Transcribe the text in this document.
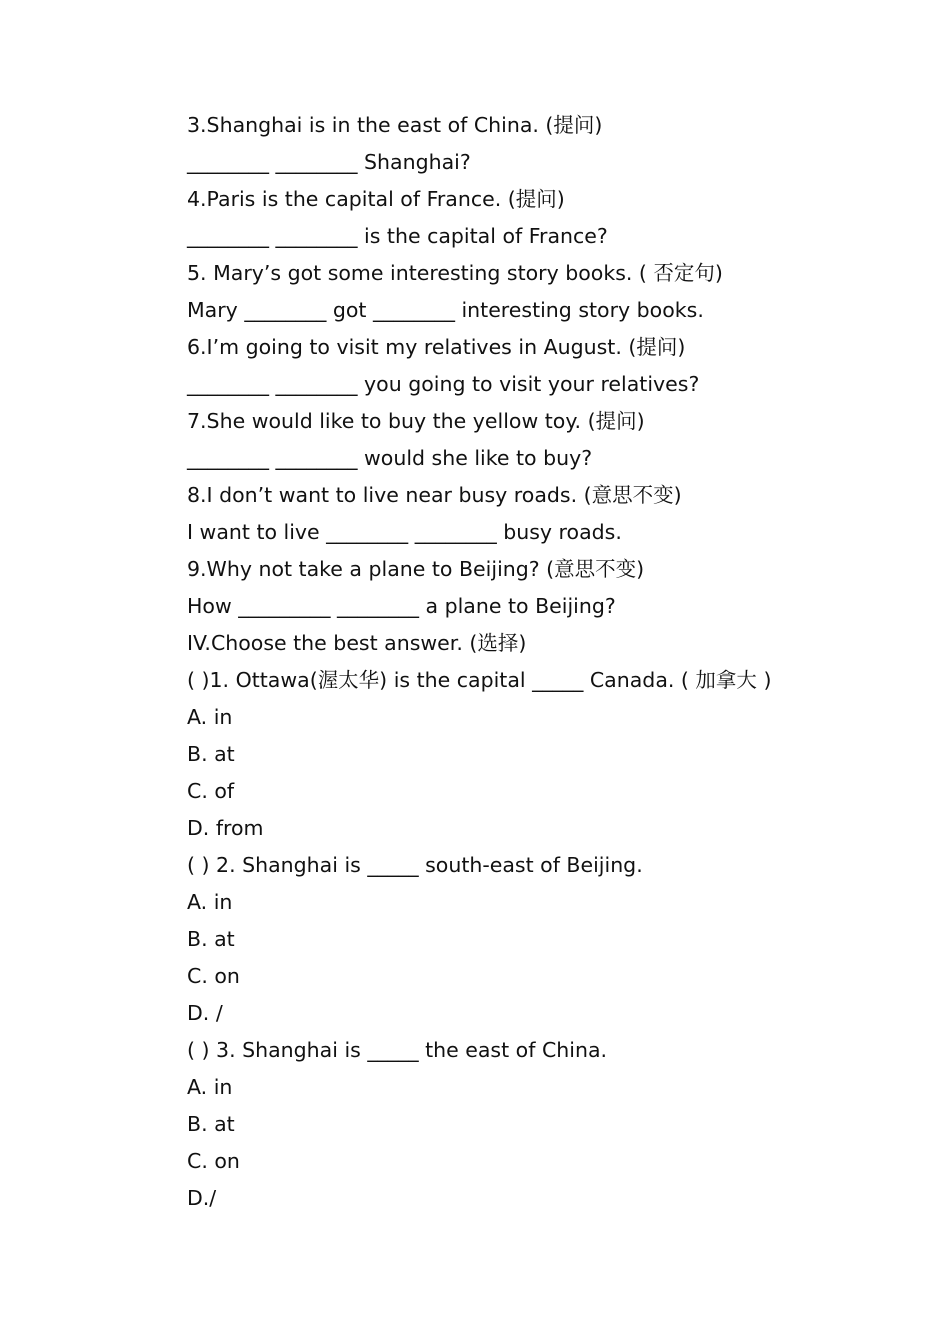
3.Shanghai is in the east of China. (提问)
________ ________ Shanghai?
4.Paris is the capital of France. (提问)
________ ________ is the capital of France?
5. Mary’s got some interesting story books. ( 否定句)
Mary ________ got ________ interesting story books.
6.I’m going to visit my relatives in August. (提问)
________ ________ you going to visit your relatives?
7.She would like to buy the yellow toy. (提问)
________ ________ would she like to buy?
8.I don’t want to live near busy roads. (意思不变)
I want to live ________ ________ busy roads.
9.Why not take a plane to Beijing? (意思不变)
How _________ ________ a plane to Beijing?
IV.Choose the best answer. (选择)
( )1. Ottawa(渥太华) is the capital _____ Canada. ( 加拿大 )
A. in
B. at
C. of
D. from
( ) 2. Shanghai is _____ south-east of Beijing.
A. in
B. at
C. on
D. /
( ) 3. Shanghai is _____ the east of China.
A. in
B. at
C. on
D./
